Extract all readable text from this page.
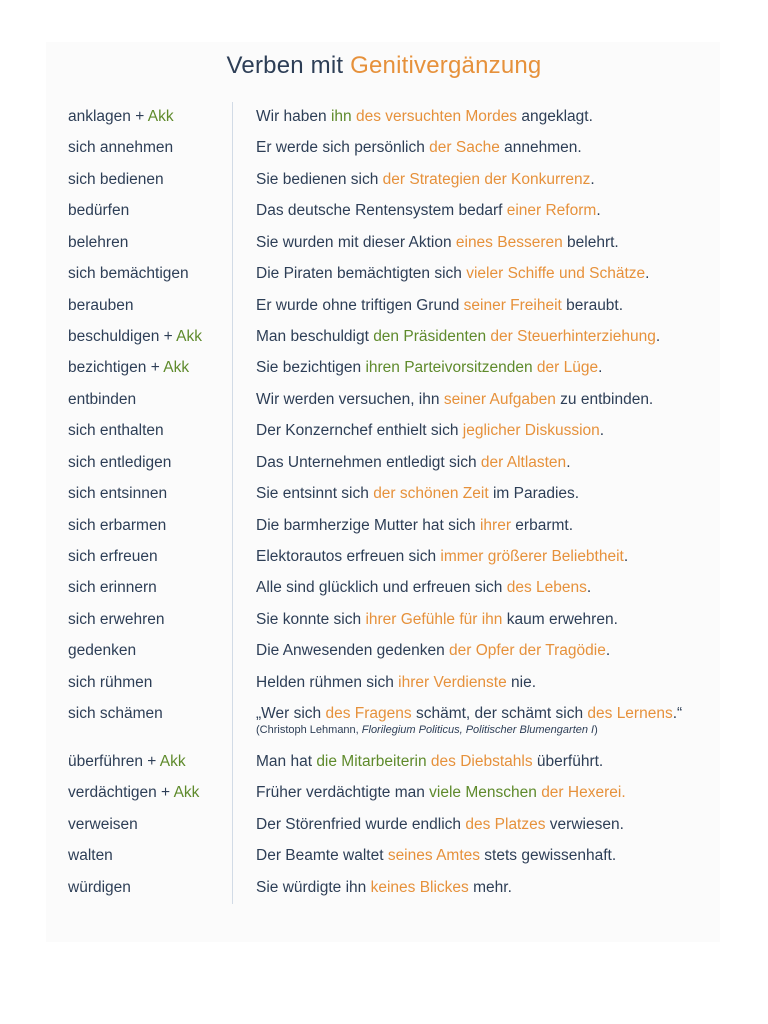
Verben mit Genitivergänzung
anklagen + Akk	Wir haben ihn des versuchten Mordes angeklagt.
sich annehmen	Er werde sich persönlich der Sache annehmen.
sich bedienen	Sie bedienen sich der Strategien der Konkurrenz.
bedürfen	Das deutsche Rentensystem bedarf einer Reform.
belehren	Sie wurden mit dieser Aktion eines Besseren belehrt.
sich bemächtigen	Die Piraten bemächtigten sich vieler Schiffe und Schätze.
berauben	Er wurde ohne triftigen Grund seiner Freiheit beraubt.
beschuldigen + Akk	Man beschuldigt den Präsidenten der Steuerhinterziehung.
bezichtigen + Akk	Sie bezichtigen ihren Parteivorsitzenden der Lüge.
entbinden	Wir werden versuchen, ihn seiner Aufgaben zu entbinden.
sich enthalten	Der Konzernchef enthielt sich jeglicher Diskussion.
sich entledigen	Das Unternehmen entledigt sich der Altlasten.
sich entsinnen	Sie entsinnt sich der schönen Zeit im Paradies.
sich erbarmen	Die barmherzige Mutter hat sich ihrer erbarmt.
sich erfreuen	Elektorautos erfreuen sich immer größerer Beliebtheit.
sich erinnern	Alle sind glücklich und erfreuen sich des Lebens.
sich erwehren	Sie konnte sich ihrer Gefühle für ihn kaum erwehren.
gedenken	Die Anwesenden gedenken der Opfer der Tragödie.
sich rühmen	Helden rühmen sich ihrer Verdienste nie.
sich schämen	„Wer sich des Fragens schämt, der schämt sich des Lernens.“
(Christoph Lehmann, Florilegium Politicus, Politischer Blumengarten I)
überführen + Akk	Man hat die Mitarbeiterin des Diebstahls überführt.
verdächtigen + Akk	Früher verdächtigte man viele Menschen der Hexerei.
verweisen	Der Störenfried wurde endlich des Platzes verwiesen.
walten	Der Beamte waltet seines Amtes stets gewissenhaft.
würdigen	Sie würdigte ihn keines Blickes mehr.
